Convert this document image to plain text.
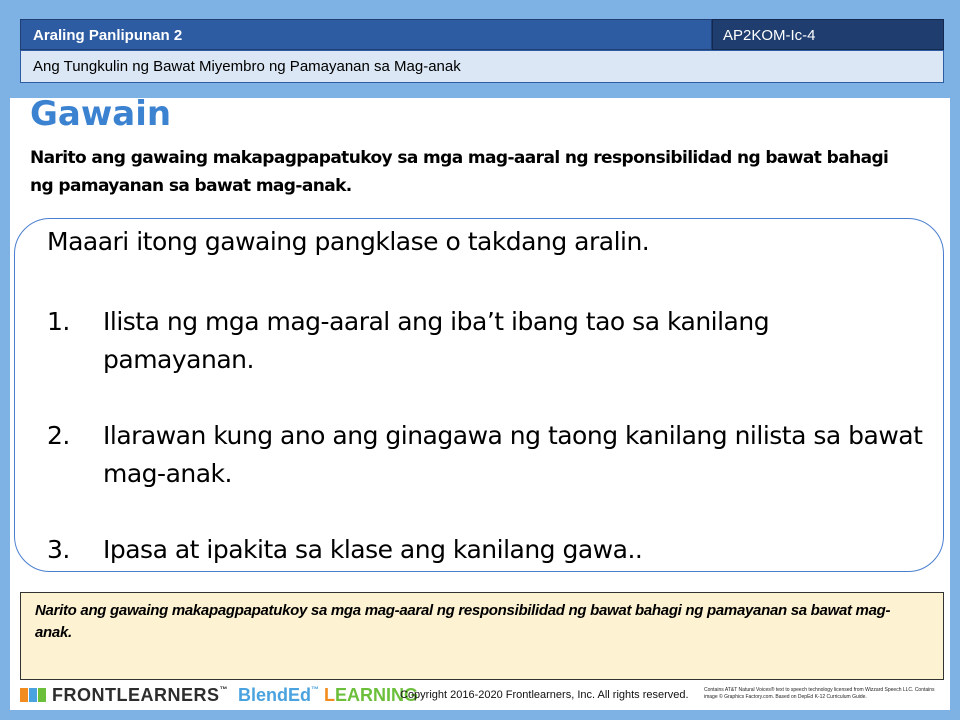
Araling Panlipunan 2	AP2KOM-Ic-4
Ang Tungkulin ng Bawat Miyembro ng Pamayanan sa Mag-anak
Gawain
Narito ang gawaing makapagpapatukoy sa mga mag-aaral ng responsibilidad ng bawat bahagi ng pamayanan sa bawat mag-anak.
Maaari itong gawaing pangklase o takdang aralin.
1. Ilista ng mga mag-aaral ang iba’t ibang tao sa kanilang pamayanan.
2. Ilarawan kung ano ang ginagawa ng taong kanilang nilista sa bawat mag-anak.
3. Ipasa at ipakita sa klase ang kanilang gawa..
Narito ang gawaing makapagpapatukoy sa mga mag-aaral ng responsibilidad ng bawat bahagi ng pamayanan sa bawat mag-anak.
FRONTLEARNERS™ BlendEd™ LEARNING
Copyright 2016-2020 Frontlearners, Inc. All rights reserved.	Contains AT&T Natural Voices® text to speech technology licensed from Wizzard Speech LLC. Contains image © Graphics Factory.com. Based on DepEd K-12 Curriculum Guide.
